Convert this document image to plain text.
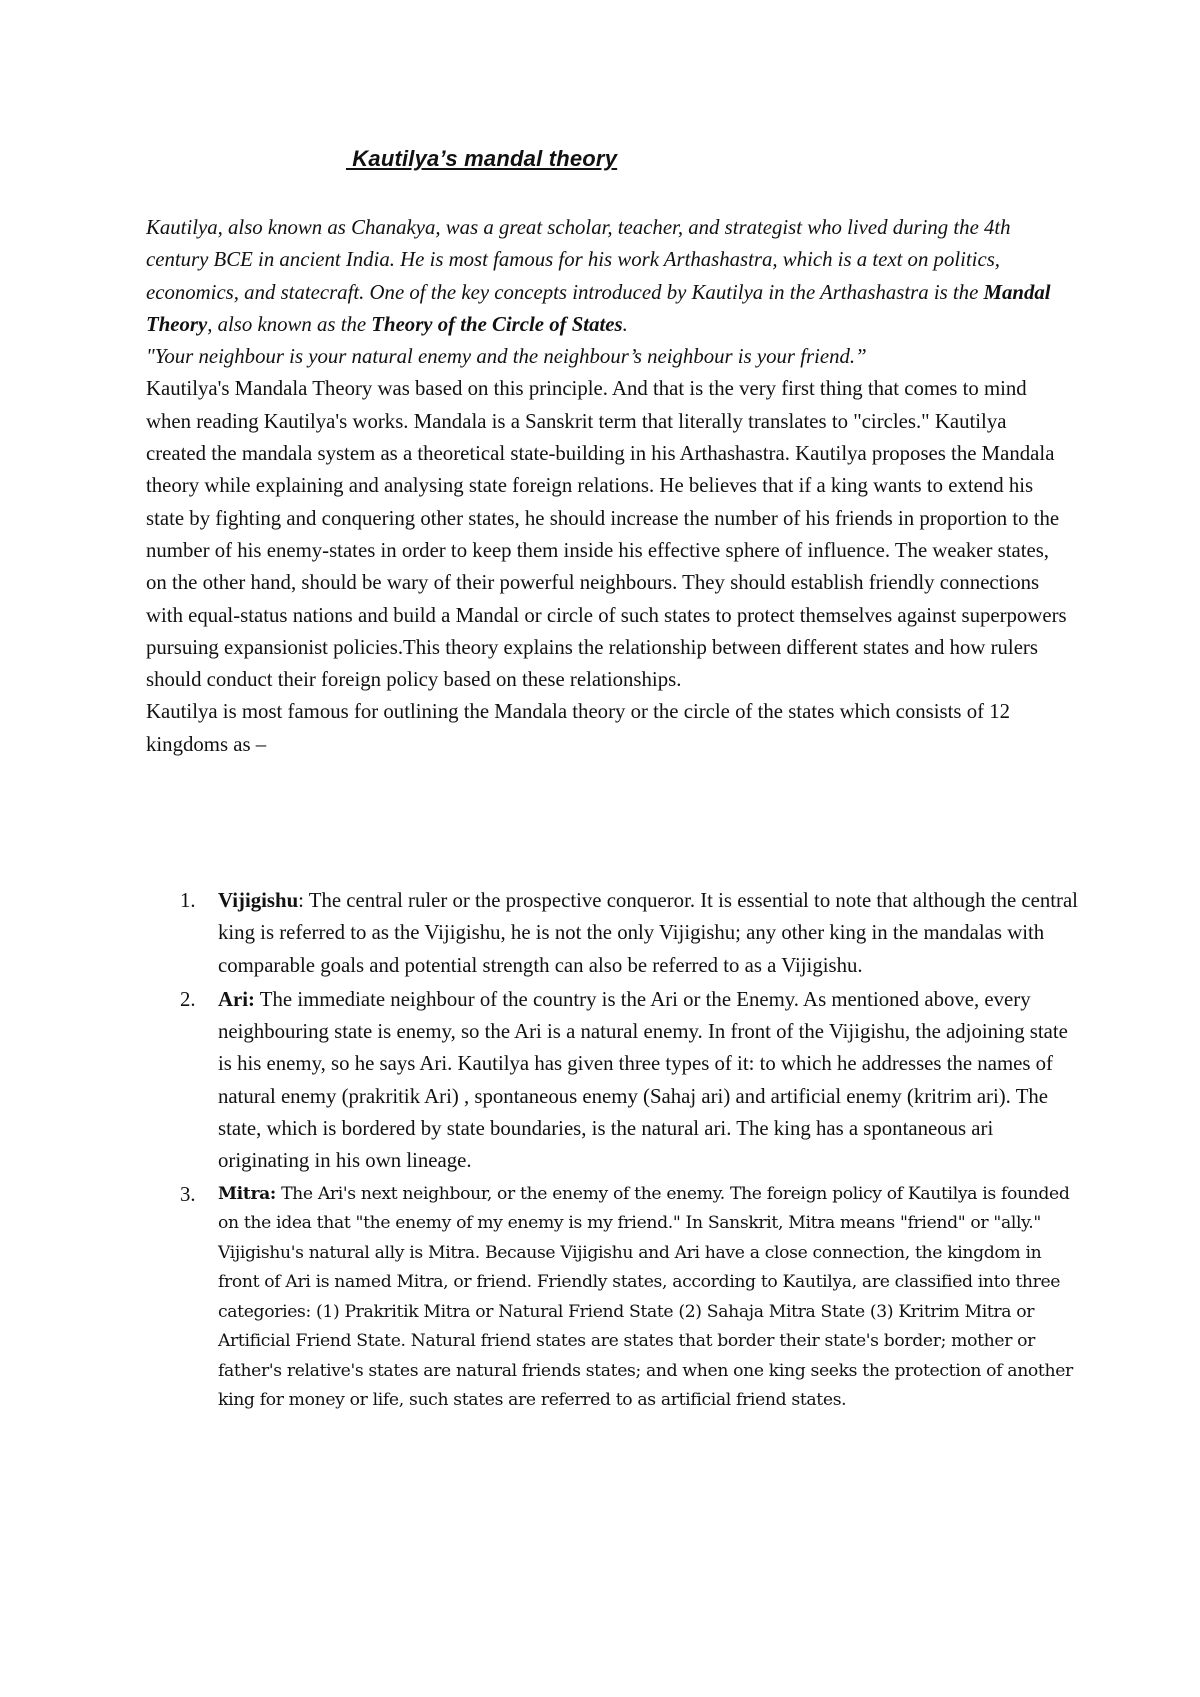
Kautilya’s mandal theory

Kautilya, also known as Chanakya, was a great scholar, teacher, and strategist who lived during the 4th century BCE in ancient India. He is most famous for his work Arthashastra, which is a text on politics, economics, and statecraft. One of the key concepts introduced by Kautilya in the Arthashastra is the Mandal Theory, also known as the Theory of the Circle of States.

"Your neighbour is your natural enemy and the neighbour’s neighbour is your friend.”

Kautilya's Mandala Theory was based on this principle. And that is the very first thing that comes to mind when reading Kautilya's works. Mandala is a Sanskrit term that literally translates to "circles." Kautilya created the mandala system as a theoretical state-building in his Arthashastra. Kautilya proposes the Mandala theory while explaining and analysing state foreign relations. He believes that if a king wants to extend his state by fighting and conquering other states, he should increase the number of his friends in proportion to the number of his enemy-states in order to keep them inside his effective sphere of influence. The weaker states, on the other hand, should be wary of their powerful neighbours. They should establish friendly connections with equal-status nations and build a Mandal or circle of such states to protect themselves against superpowers pursuing expansionist policies.This theory explains the relationship between different states and how rulers should conduct their foreign policy based on these relationships.

Kautilya is most famous for outlining the Mandala theory or the circle of the states which consists of 12 kingdoms as –

1. Vijigishu: The central ruler or the prospective conqueror. It is essential to note that although the central king is referred to as the Vijigishu, he is not the only Vijigishu; any other king in the mandalas with comparable goals and potential strength can also be referred to as a Vijigishu.
2. Ari: The immediate neighbour of the country is the Ari or the Enemy. As mentioned above, every neighbouring state is enemy, so the Ari is a natural enemy. In front of the Vijigishu, the adjoining state is his enemy, so he says Ari. Kautilya has given three types of it: to which he addresses the names of natural enemy (prakritik Ari) , spontaneous enemy (Sahaj ari) and artificial enemy (kritrim ari). The state, which is bordered by state boundaries, is the natural ari. The king has a spontaneous ari originating in his own lineage.
3. Mitra: The Ari's next neighbour, or the enemy of the enemy. The foreign policy of Kautilya is founded on the idea that "the enemy of my enemy is my friend." In Sanskrit, Mitra means "friend" or "ally." Vijigishu's natural ally is Mitra. Because Vijigishu and Ari have a close connection, the kingdom in front of Ari is named Mitra, or friend. Friendly states, according to Kautilya, are classified into three categories: (1) Prakritik Mitra or Natural Friend State (2) Sahaja Mitra State (3) Kritrim Mitra or Artificial Friend State. Natural friend states are states that border their state's border; mother or father's relative's states are natural friends states; and when one king seeks the protection of another king for money or life, such states are referred to as artificial friend states.
